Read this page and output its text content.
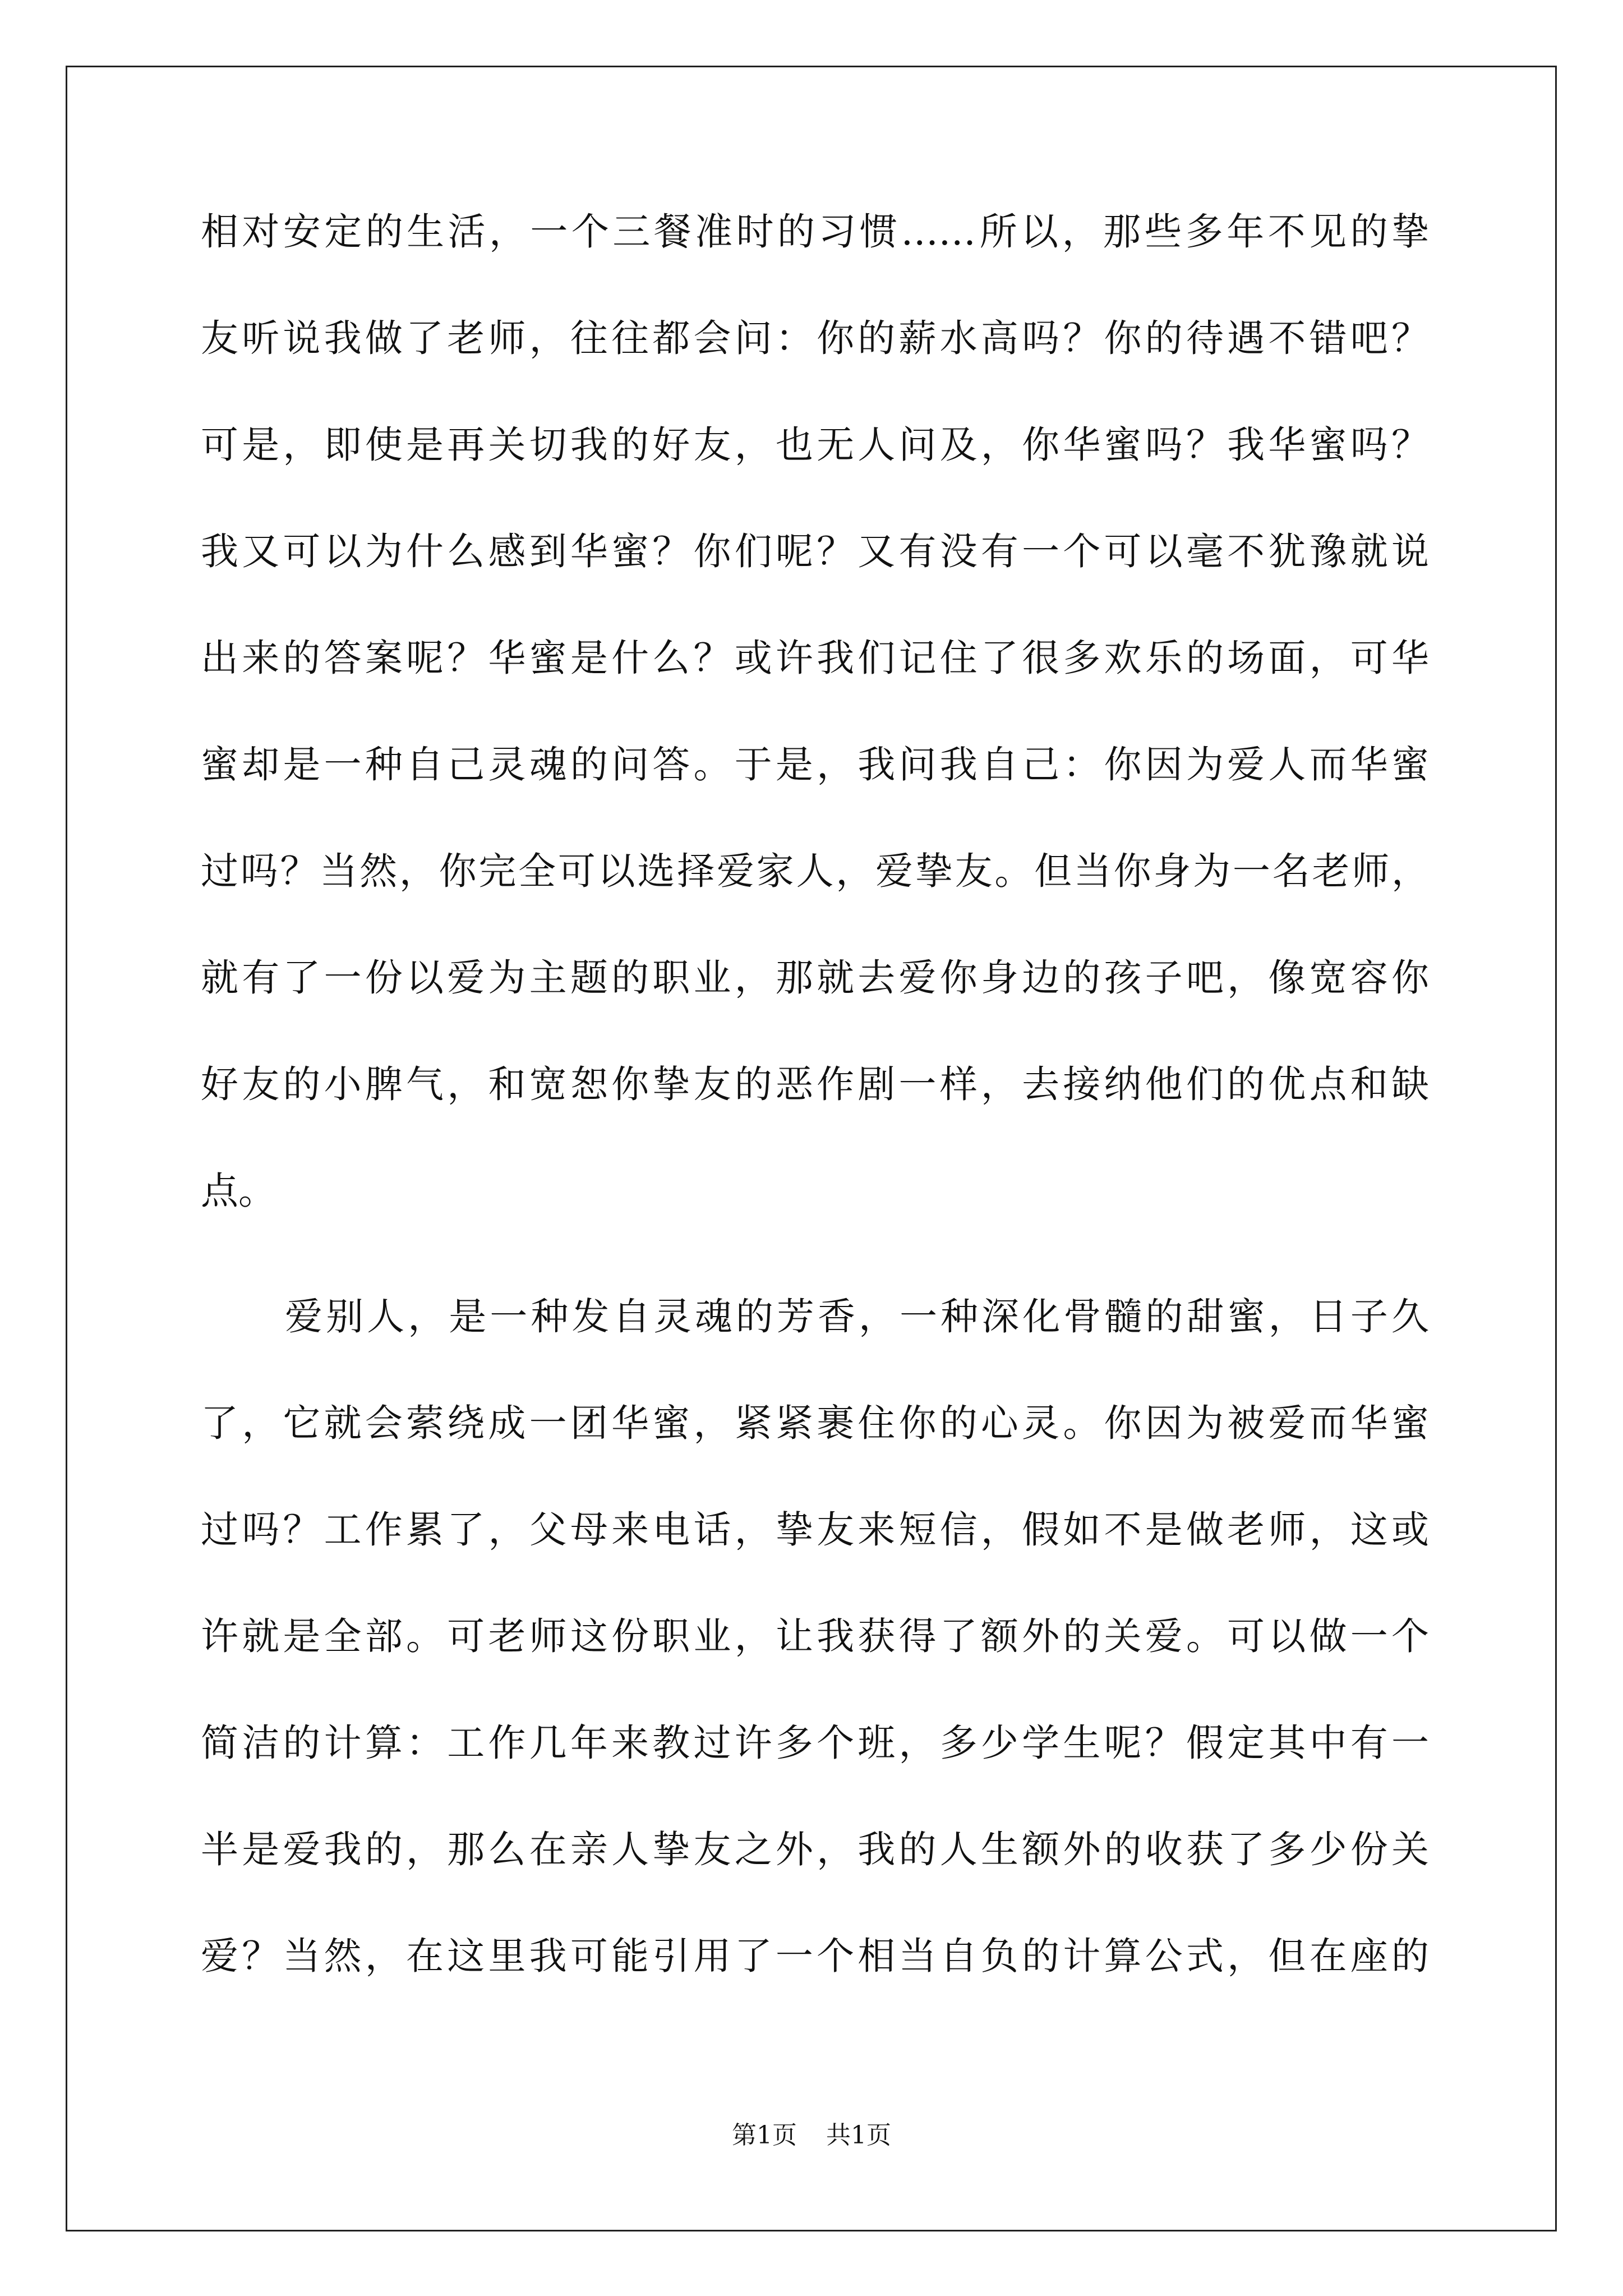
相对安定的生活，一个三餐准时的习惯……所以，那些多年不见的挚
友听说我做了老师，往往都会问：你的薪水高吗？你的待遇不错吧？
可是，即使是再关切我的好友，也无人问及，你华蜜吗？我华蜜吗？
我又可以为什么感到华蜜？你们呢？又有没有一个可以毫不犹豫就说
出来的答案呢？华蜜是什么？或许我们记住了很多欢乐的场面，可华
蜜却是一种自己灵魂的问答。于是，我问我自己：你因为爱人而华蜜
过吗？当然，你完全可以选择爱家人，爱挚友。但当你身为一名老师，
就有了一份以爱为主题的职业，那就去爱你身边的孩子吧，像宽容你
好友的小脾气，和宽恕你挚友的恶作剧一样，去接纳他们的优点和缺
点。
爱别人，是一种发自灵魂的芳香，一种深化骨髓的甜蜜，日子久
了，它就会萦绕成一团华蜜，紧紧裹住你的心灵。你因为被爱而华蜜
过吗？工作累了，父母来电话，挚友来短信，假如不是做老师，这或
许就是全部。可老师这份职业，让我获得了额外的关爱。可以做一个
简洁的计算：工作几年来教过许多个班，多少学生呢？假定其中有一
半是爱我的，那么在亲人挚友之外，我的人生额外的收获了多少份关
爱？当然，在这里我可能引用了一个相当自负的计算公式，但在座的
第1页 共1页
